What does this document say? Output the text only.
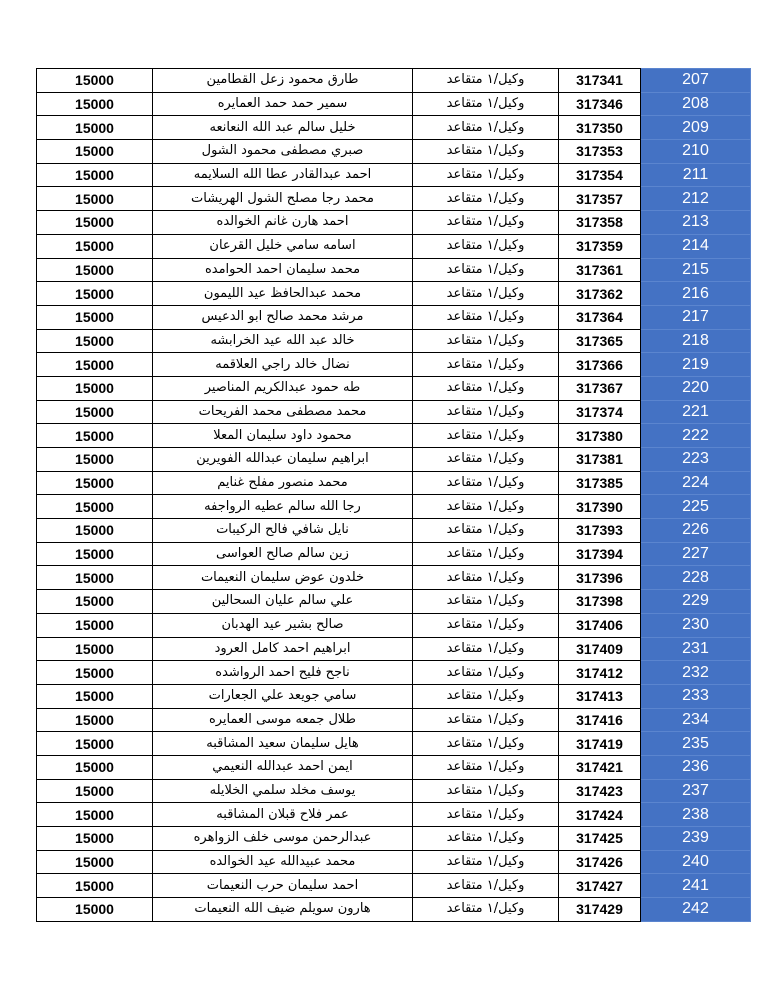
15000	طارق محمود زعل القطامين	وكيل/١ متقاعد	317341	207
15000	سمير حمد حمد العمايره	وكيل/١ متقاعد	317346	208
15000	خليل سالم عبد الله النعانعه	وكيل/١ متقاعد	317350	209
15000	صبري مصطفى محمود الشول	وكيل/١ متقاعد	317353	210
15000	احمد عبدالقادر عطا الله السلايمه	وكيل/١ متقاعد	317354	211
15000	محمد رجا مصلح الشول الهريشات	وكيل/١ متقاعد	317357	212
15000	احمد هارن غانم الخوالده	وكيل/١ متقاعد	317358	213
15000	اسامه سامي خليل القرعان	وكيل/١ متقاعد	317359	214
15000	محمد سليمان احمد الحوامده	وكيل/١ متقاعد	317361	215
15000	محمد عبدالحافظ عيد الليمون	وكيل/١ متقاعد	317362	216
15000	مرشد محمد صالح ابو الدعيس	وكيل/١ متقاعد	317364	217
15000	خالد عبد الله عيد الخرابشه	وكيل/١ متقاعد	317365	218
15000	نضال خالد راجي العلاقمه	وكيل/١ متقاعد	317366	219
15000	طه حمود عبدالكريم المناصير	وكيل/١ متقاعد	317367	220
15000	محمد مصطفى محمد الفريحات	وكيل/١ متقاعد	317374	221
15000	محمود داود سليمان المعلا	وكيل/١ متقاعد	317380	222
15000	ابراهيم سليمان عبدالله الفويرين	وكيل/١ متقاعد	317381	223
15000	محمد منصور مفلح غنايم	وكيل/١ متقاعد	317385	224
15000	رجا الله سالم عطيه الرواجفه	وكيل/١ متقاعد	317390	225
15000	نايل شافي فالح الركيبات	وكيل/١ متقاعد	317393	226
15000	زين سالم صالح العواسى	وكيل/١ متقاعد	317394	227
15000	خلدون عوض سليمان النعيمات	وكيل/١ متقاعد	317396	228
15000	علي سالم عليان السحالين	وكيل/١ متقاعد	317398	229
15000	صالح بشير عيد الهدبان	وكيل/١ متقاعد	317406	230
15000	ابراهيم احمد كامل العرود	وكيل/١ متقاعد	317409	231
15000	ناجح فليح احمد الرواشده	وكيل/١ متقاعد	317412	232
15000	سامي جويعد علي الجعارات	وكيل/١ متقاعد	317413	233
15000	طلال جمعه موسى العمايره	وكيل/١ متقاعد	317416	234
15000	هايل سليمان سعيد المشاقبه	وكيل/١ متقاعد	317419	235
15000	ايمن احمد عبدالله النعيمي	وكيل/١ متقاعد	317421	236
15000	يوسف مخلد سلمي الخلايله	وكيل/١ متقاعد	317423	237
15000	عمر فلاح قبلان المشاقبه	وكيل/١ متقاعد	317424	238
15000	عبدالرحمن موسى خلف الزواهره	وكيل/١ متقاعد	317425	239
15000	محمد عبيدالله عيد الخوالده	وكيل/١ متقاعد	317426	240
15000	احمد سليمان حرب النعيمات	وكيل/١ متقاعد	317427	241
15000	هارون سويلم ضيف الله النعيمات	وكيل/١ متقاعد	317429	242
